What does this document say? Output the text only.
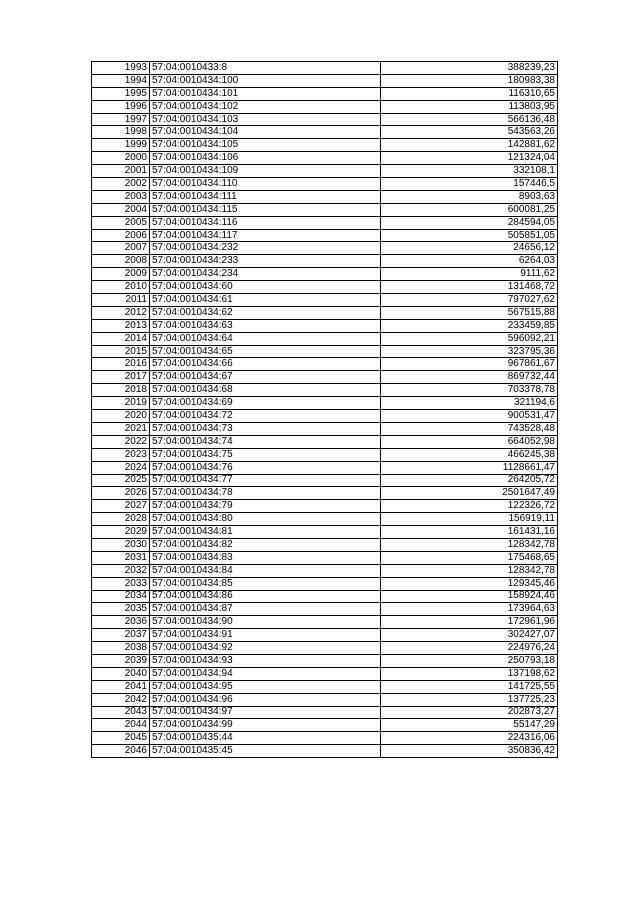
1993	57:04:0010433:8	388239,23
1994	57:04:0010434:100	180983,38
1995	57:04:0010434:101	116310,65
1996	57:04:0010434:102	113803,95
1997	57:04:0010434:103	566136,48
1998	57:04:0010434:104	543563,26
1999	57:04:0010434:105	142881,62
2000	57:04:0010434:106	121324,04
2001	57:04:0010434:109	332108,1
2002	57:04:0010434:110	157446,5
2003	57:04:0010434:111	8903,63
2004	57:04:0010434:115	600081,25
2005	57:04:0010434:116	284594,05
2006	57:04:0010434:117	505851,05
2007	57:04:0010434:232	24656,12
2008	57:04:0010434:233	6264,03
2009	57:04:0010434:234	9111,62
2010	57:04:0010434:60	131468,72
2011	57:04:0010434:61	797027,62
2012	57:04:0010434:62	567515,88
2013	57:04:0010434:63	233459,85
2014	57:04:0010434:64	596092,21
2015	57:04:0010434:65	323795,36
2016	57:04:0010434:66	967861,67
2017	57:04:0010434:67	869732,44
2018	57:04:0010434:68	703378,78
2019	57:04:0010434:69	321194,6
2020	57:04:0010434:72	900531,47
2021	57:04:0010434:73	743528,48
2022	57:04:0010434:74	664052,98
2023	57:04:0010434:75	466245,38
2024	57:04:0010434:76	1128661,47
2025	57:04:0010434:77	264205,72
2026	57:04:0010434:78	2501647,49
2027	57:04:0010434:79	122326,72
2028	57:04:0010434:80	156919,11
2029	57:04:0010434:81	161431,16
2030	57:04:0010434:82	128342,78
2031	57:04:0010434:83	175468,65
2032	57:04:0010434:84	128342,78
2033	57:04:0010434:85	129345,46
2034	57:04:0010434:86	158924,46
2035	57:04:0010434:87	173964,63
2036	57:04:0010434:90	172961,96
2037	57:04:0010434:91	302427,07
2038	57:04:0010434:92	224976,24
2039	57:04:0010434:93	250793,18
2040	57:04:0010434:94	137198,62
2041	57:04:0010434:95	141725,55
2042	57:04:0010434:96	137725,23
2043	57:04:0010434:97	202873,27
2044	57:04:0010434:99	55147,29
2045	57:04:0010435:44	224316,06
2046	57:04:0010435:45	350836,42
